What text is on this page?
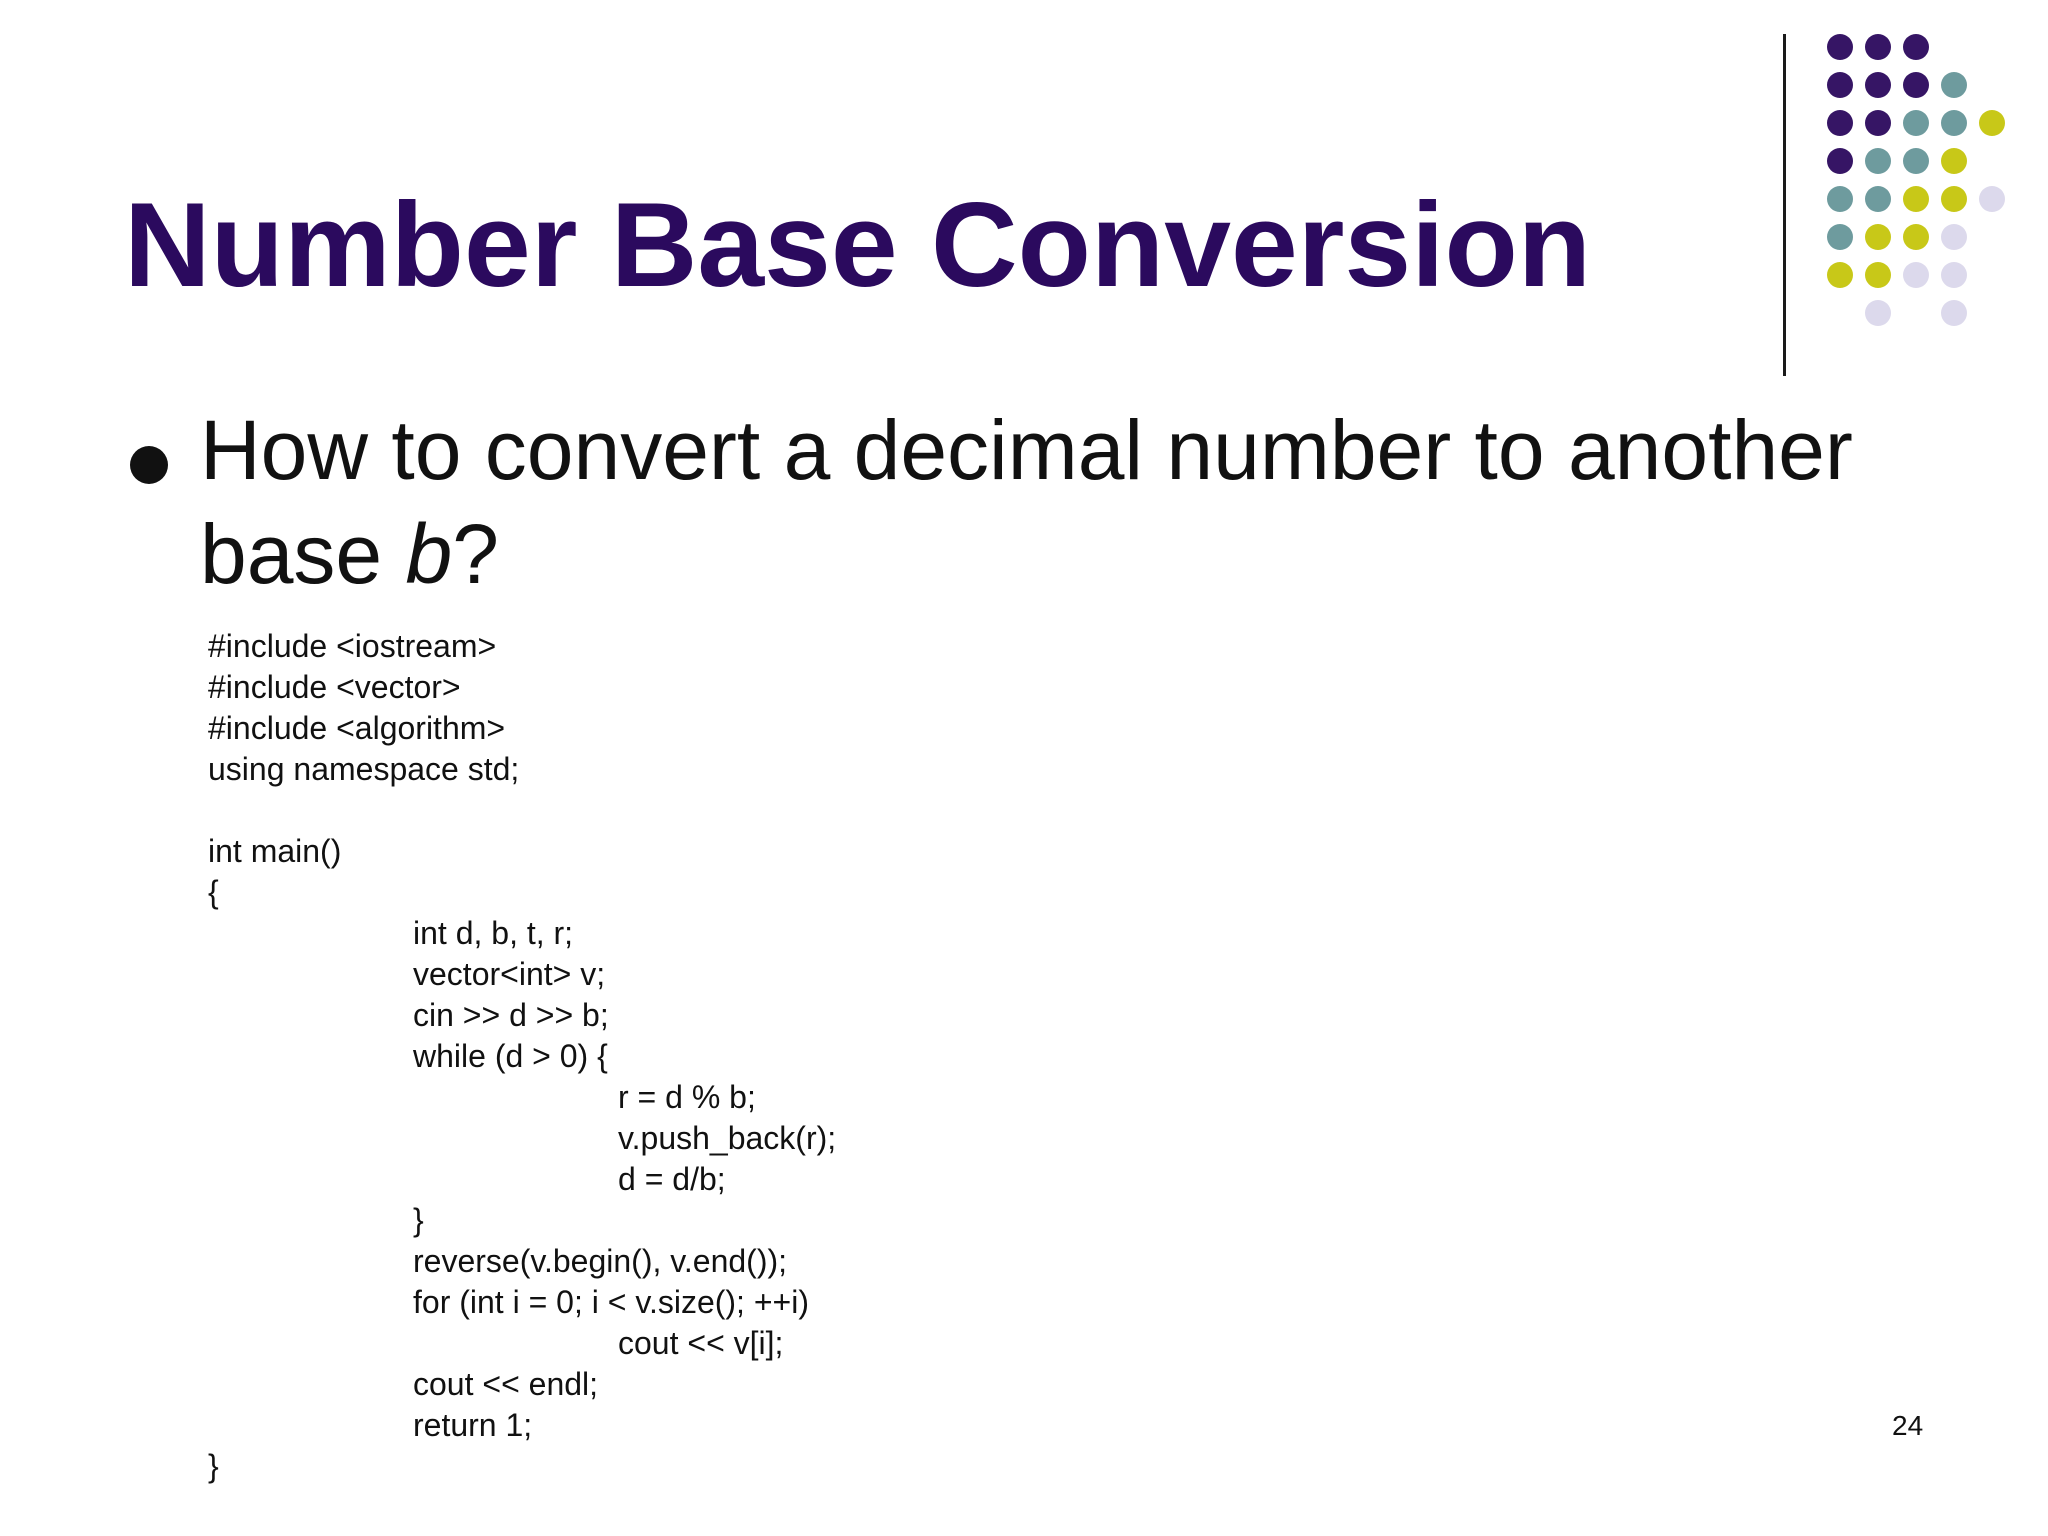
Number Base Conversion

How to convert a decimal number to another base b?

#include <iostream>
#include <vector>
#include <algorithm>
using namespace std;
int main()
{
int d, b, t, r;
vector<int> v;
cin >> d >> b;
while (d > 0) {
r = d % b;
v.push_back(r);
d = d/b;
}
reverse(v.begin(), v.end());
for (int i = 0; i < v.size(); ++i)
cout << v[i];
cout << endl;
return 1;
}
24
